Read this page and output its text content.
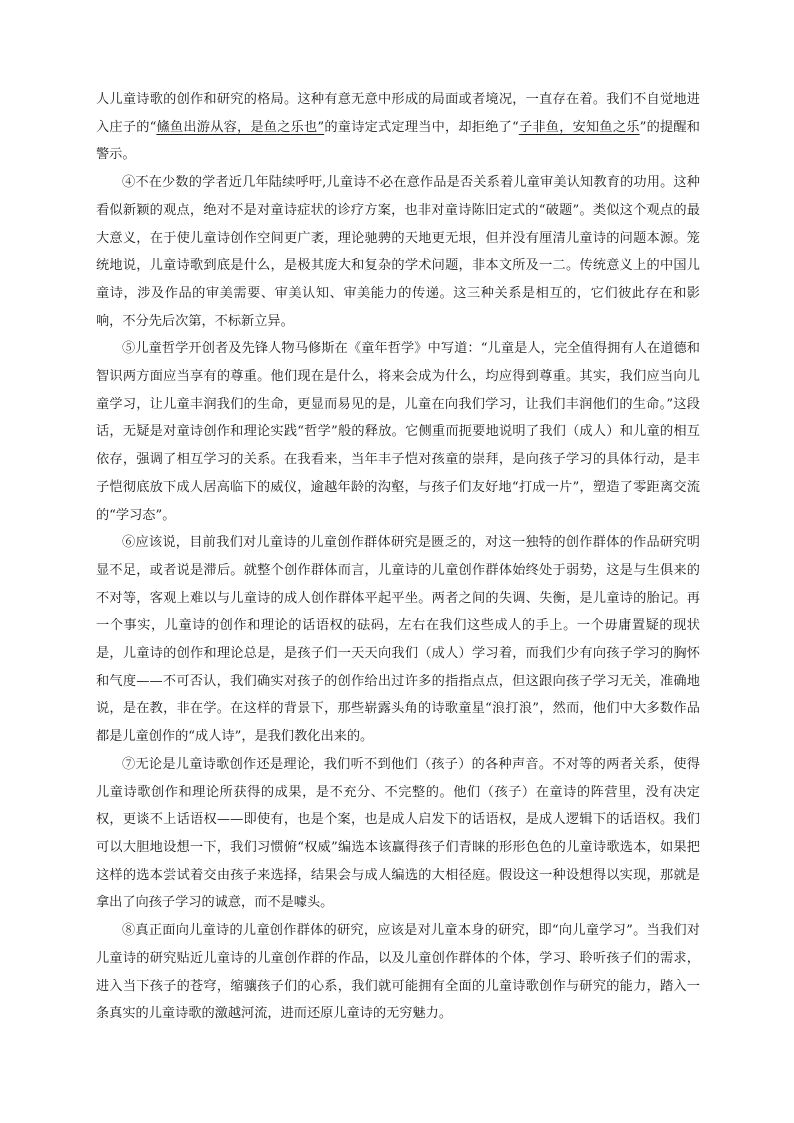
人儿童诗歌的创作和研究的格局。这种有意无意中形成的局面或者境况，一直存在着。我们不自觉地进入庄子的“鯈鱼出游从容，是鱼之乐也”的童诗定式定理当中，却拒绝了“子非鱼，安知鱼之乐”的提醒和警示。

④不在少数的学者近几年陆续呼吁,儿童诗不必在意作品是否关系着儿童审美认知教育的功用。这种看似新颖的观点，绝对不是对童诗症状的诊疗方案，也非对童诗陈旧定式的“破题”。类似这个观点的最大意义，在于使儿童诗创作空间更广袤，理论驰骋的天地更无垠，但并没有厘清儿童诗的问题本源。笼统地说，儿童诗歌到底是什么，是极其庞大和复杂的学术问题，非本文所及一二。传统意义上的中国儿童诗，涉及作品的审美需要、审美认知、审美能力的传递。这三种关系是相互的，它们彼此存在和影响，不分先后次第，不标新立异。

⑤儿童哲学开创者及先锋人物马修斯在《童年哲学》中写道：“儿童是人，完全值得拥有人在道德和智识两方面应当享有的尊重。他们现在是什么，将来会成为什么，均应得到尊重。其实，我们应当向儿童学习，让儿童丰润我们的生命，更显而易见的是，儿童在向我们学习，让我们丰润他们的生命。”这段话，无疑是对童诗创作和理论实践“哲学”般的释放。它侧重而扼要地说明了我们（成人）和儿童的相互依存，强调了相互学习的关系。在我看来，当年丰子恺对孩童的崇拜，是向孩子学习的具体行动，是丰子恺彻底放下成人居高临下的威仪，逾越年龄的沟壑，与孩子们友好地“打成一片”，塑造了零距离交流的“学习态”。

⑥应该说，目前我们对儿童诗的儿童创作群体研究是匮乏的，对这一独特的创作群体的作品研究明显不足，或者说是滞后。就整个创作群体而言，儿童诗的儿童创作群体始终处于弱势，这是与生俱来的不对等，客观上难以与儿童诗的成人创作群体平起平坐。两者之间的失调、失衡，是儿童诗的胎记。再一个事实，儿童诗的创作和理论的话语权的砝码，左右在我们这些成人的手上。一个毋庸置疑的现状是，儿童诗的创作和理论总是，是孩子们一天天向我们（成人）学习着，而我们少有向孩子学习的胸怀和气度——不可否认，我们确实对孩子的创作给出过许多的指指点点，但这跟向孩子学习无关，准确地说，是在教，非在学。在这样的背景下，那些崭露头角的诗歌童星“浪打浪”，然而，他们中大多数作品都是儿童创作的“成人诗”，是我们教化出来的。

⑦无论是儿童诗歌创作还是理论，我们听不到他们（孩子）的各种声音。不对等的两者关系，使得儿童诗歌创作和理论所获得的成果，是不充分、不完整的。他们（孩子）在童诗的阵营里，没有决定权，更谈不上话语权——即使有，也是个案，也是成人启发下的话语权，是成人逻辑下的话语权。我们可以大胆地设想一下，我们习惯俯“权威”编选本该赢得孩子们青睐的形形色色的儿童诗歌选本，如果把这样的选本尝试着交由孩子来选择，结果会与成人编选的大相径庭。假设这一种设想得以实现，那就是拿出了向孩子学习的诚意，而不是噱头。

⑧真正面向儿童诗的儿童创作群体的研究，应该是对儿童本身的研究，即“向儿童学习”。当我们对儿童诗的研究贴近儿童诗的儿童创作群的作品，以及儿童创作群体的个体，学习、聆听孩子们的需求，进入当下孩子的苍穹，缩骧孩子们的心系，我们就可能拥有全面的儿童诗歌创作与研究的能力，踏入一条真实的儿童诗歌的激越河流，进而还原儿童诗的无穷魅力。
